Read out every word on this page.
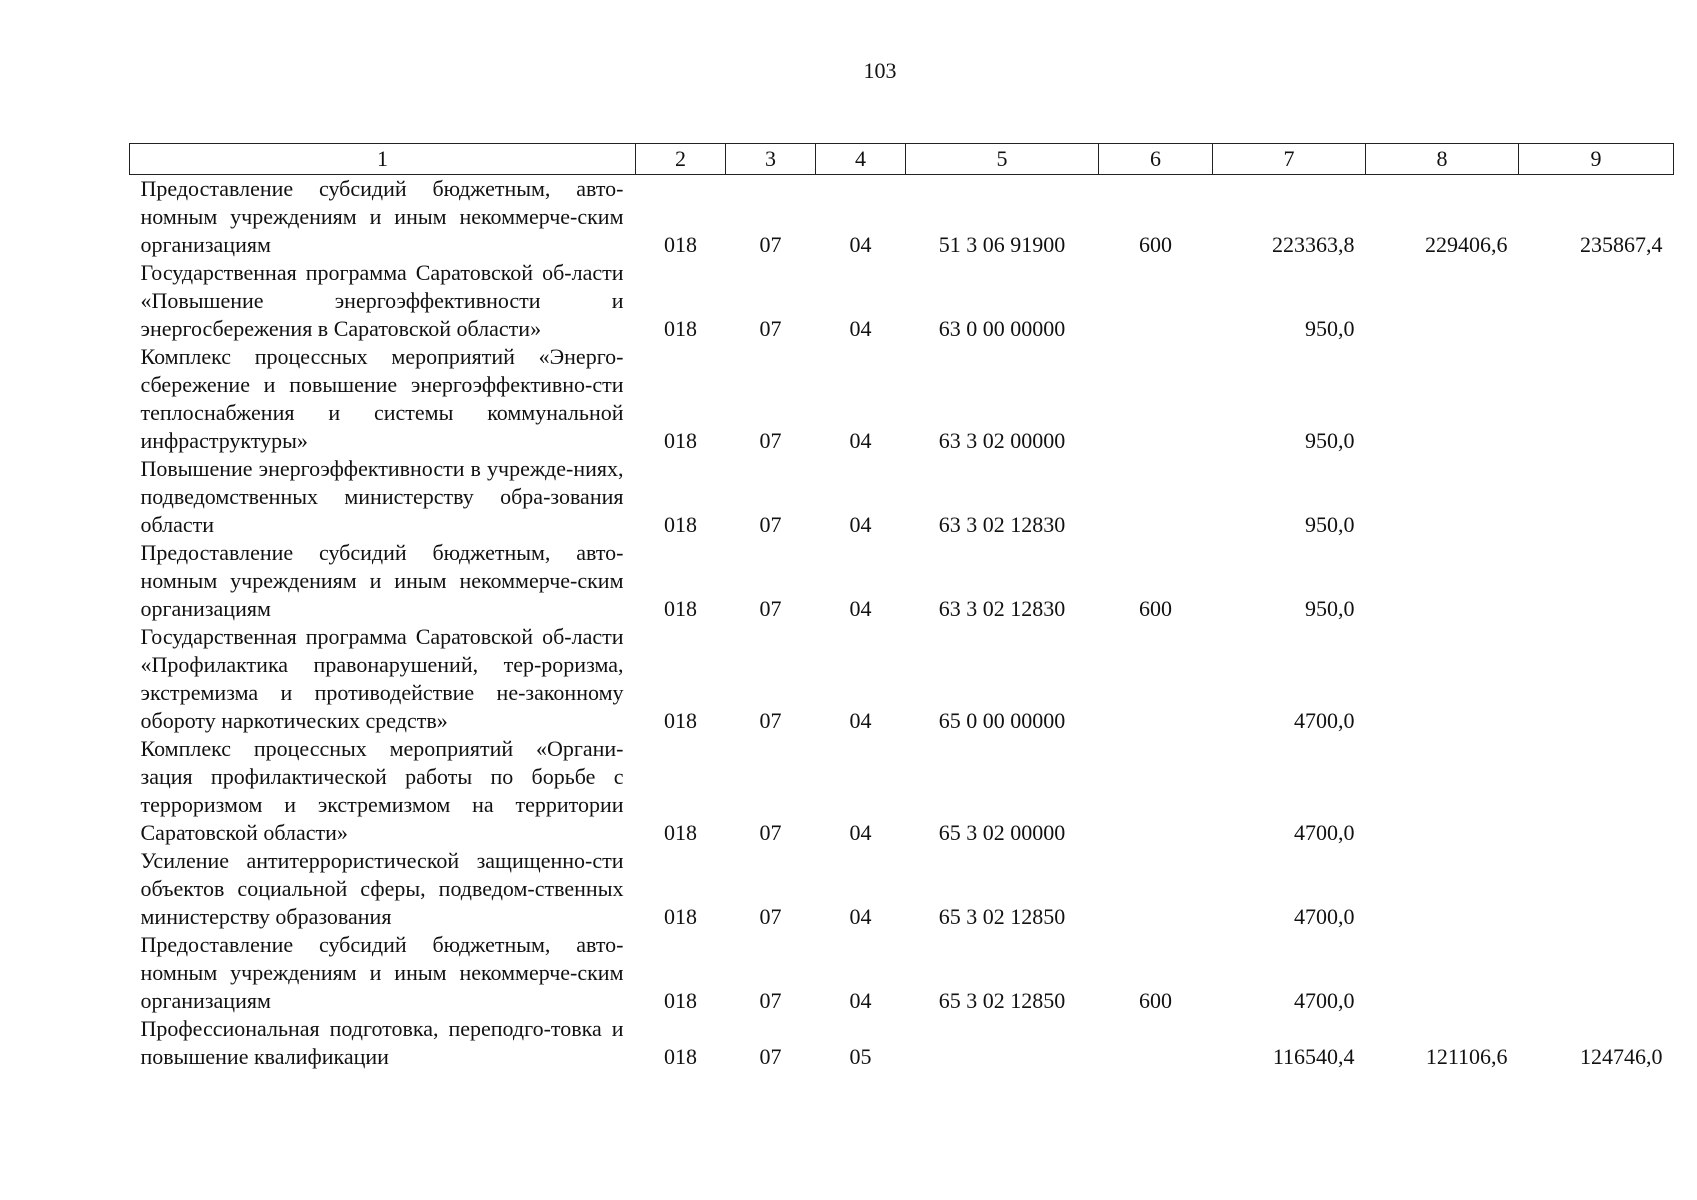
103
1	2	3	4	5	6	7	8	9
Предоставление субсидий бюджетным, авто-номным учреждениям и иным некоммерче-ским организациям	018	07	04	51 3 06 91900	600	223363,8	229406,6	235867,4
Государственная программа Саратовской об-ласти «Повышение энергоэффективности и энергосбережения в Саратовской области»	018	07	04	63 0 00 00000		950,0		
Комплекс процессных мероприятий «Энерго-сбережение и повышение энергоэффективно-сти теплоснабжения и системы коммунальной инфраструктуры»	018	07	04	63 3 02 00000		950,0		
Повышение энергоэффективности в учрежде-ниях, подведомственных министерству обра-зования области	018	07	04	63 3 02 12830		950,0		
Предоставление субсидий бюджетным, авто-номным учреждениям и иным некоммерче-ским организациям	018	07	04	63 3 02 12830	600	950,0		
Государственная программа Саратовской об-ласти «Профилактика правонарушений, тер-роризма, экстремизма и противодействие не-законному обороту наркотических средств»	018	07	04	65 0 00 00000		4700,0		
Комплекс процессных мероприятий «Органи-зация профилактической работы по борьбе с терроризмом и экстремизмом на территории Саратовской области»	018	07	04	65 3 02 00000		4700,0		
Усиление антитеррористической защищенно-сти объектов социальной сферы, подведом-ственных министерству образования	018	07	04	65 3 02 12850		4700,0		
Предоставление субсидий бюджетным, авто-номным учреждениям и иным некоммерче-ским организациям	018	07	04	65 3 02 12850	600	4700,0		
Профессиональная подготовка, переподго-товка и повышение квалификации	018	07	05			116540,4	121106,6	124746,0
